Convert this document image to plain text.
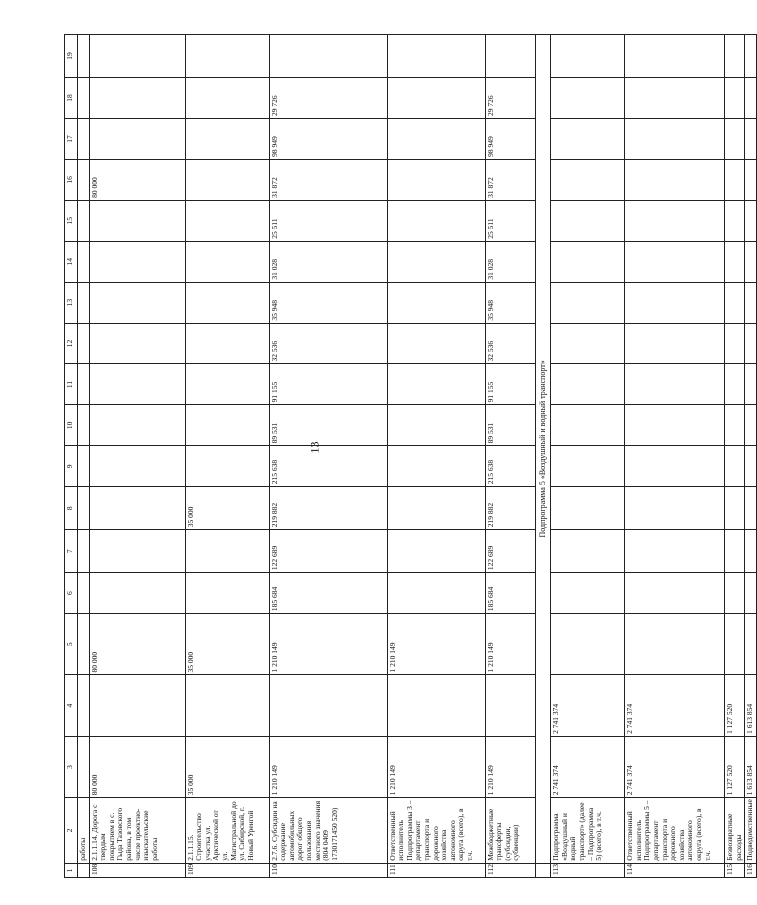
13
1	2	3	4	5	6	7	8	9	10	11	12	13	14	15	16	17	18	19
	работы																	
108	2.1.1.14. Дорога с твердым покрытием в с. Гыда Тазовского района, в том числе проектно-изыскательские работы	80 000		80 000											80 000			
109	2.1.1.15. Строительство участка ул. Арктической от ул. Магистральной до ул. Сибирской, г. Новый Уренгой	35 000		35 000			35 000											
110	2.7.6. Субсидии на содержание автомобильных дорог общего пользования местного значения (804 0409 1730171450 520)	1 210 149		1 210 149	185 684	122 689	219 882	215 638	89 531	91 155	32 536	35 948	31 028	25 511	31 872	98 949	29 726	
111	Ответственный исполнитель Подпрограммы 3 – департамент транспорта и дорожного хозяйства автономного округа (всего), в т.ч.	1 210 149		1 210 149														
112	Межбюджетные трансферты (субсидии, субвенции)	1 210 149		1 210 149	185 684	122 689	219 882	215 638	89 531	91 155	32 536	35 948	31 028	25 511	31 872	98 949	29 726	
	Подпрограмма 5 «Воздушный и водный транспорт»																	
113	Подпрограмма «Воздушный и водный транспорт» (далее – Подпрограмма 5) (всего), в т.ч.	2 741 374	2 741 374															
114	Ответственный исполнитель Подпрограммы 5 – департамент транспорта и дорожного хозяйства автономного округа (всего), в т.ч.	2 741 374	2 741 374															
115	Безвозвратные расходы	1 127 520	1 127 520															
116	Подведомственные	1 613 854	1 613 854															
